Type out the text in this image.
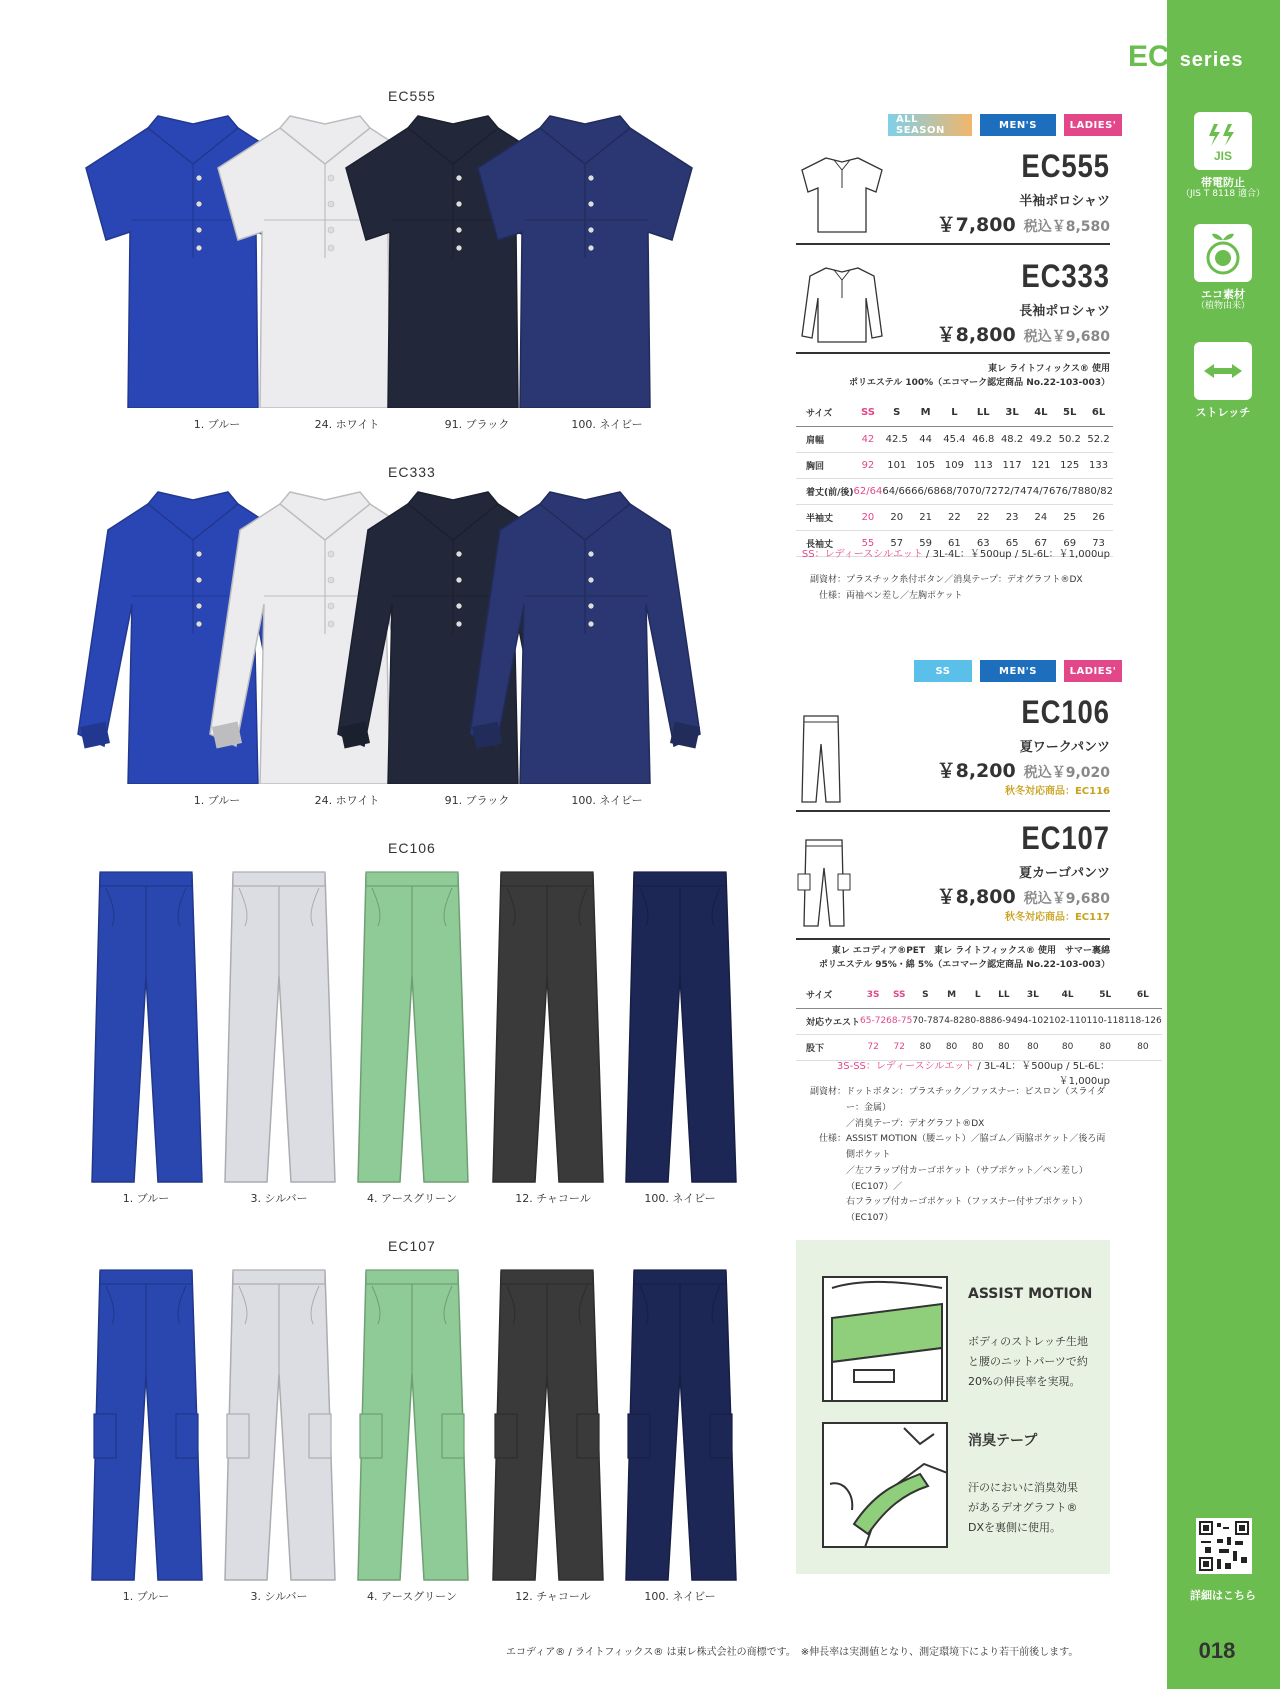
EC series
JIS
帯電防止
（JIS T 8118 適合）
エコ素材
（植物由来）
ストレッチ
詳細はこちら
018
EC555
EC333
EC106
EC107
1. ブルー	24. ホワイト	91. ブラック	100. ネイビー
1. ブルー	24. ホワイト	91. ブラック	100. ネイビー
1. ブルー	3. シルバー	4. アースグリーン	12. チャコール	100. ネイビー
1. ブルー	3. シルバー	4. アースグリーン	12. チャコール	100. ネイビー
ALL SEASON	MEN'S	LADIES'
EC555
半袖ポロシャツ
￥7,800 税込￥8,580
EC333
長袖ポロシャツ
￥8,800 税込￥9,680
東レ ライトフィックス® 使用
ポリエステル 100%（エコマーク認定商品 No.22-103-003）
サイズ	SS	S	M	L	LL	3L	4L	5L	6L
肩幅	42	42.5	44	45.4	46.8	48.2	49.2	50.2	52.2
胸回	92	101	105	109	113	117	121	125	133
着丈(前/後)	62/64	64/66	66/68	68/70	70/72	72/74	74/76	76/78	80/82
半袖丈	20	20	21	22	22	23	24	25	26
長袖丈	55	57	59	61	63	65	67	69	73
SS：レディースシルエット / 3L-4L：￥500up / 5L-6L：￥1,000up
副資材： プラスチック糸付ボタン／消臭テープ：デオグラフト®DX
仕様： 両袖ペン差し／左胸ポケット
SS	MEN'S	LADIES'
EC106
夏ワークパンツ
￥8,200 税込￥9,020
秋冬対応商品：EC116
EC107
夏カーゴパンツ
￥8,800 税込￥9,680
秋冬対応商品：EC117
東レ エコディア®PET　東レ ライトフィックス® 使用　サマー裏綿
ポリエステル 95%・綿 5%（エコマーク認定商品 No.22-103-003）
サイズ	3S	SS	S	M	L	LL	3L	4L	5L	6L
対応ウエスト	65-72	68-75	70-78	74-82	80-88	86-94	94-102	102-110	110-118	118-126
股下	72	72	80	80	80	80	80	80	80	80
3S-SS：レディースシルエット / 3L-4L：￥500up / 5L-6L：￥1,000up
副資材： ドットボタン：プラスチック／ファスナー：ビスロン（スライダー：金属）
／消臭テープ：デオグラフト®DX
仕様： ASSIST MOTION（腰ニット）／脇ゴム／両脇ポケット／後ろ両側ポケット
／左フラップ付カーゴポケット（サブポケット／ペン差し）（EC107）／
右フラップ付カーゴポケット（ファスナー付サブポケット）（EC107）
ASSIST MOTION
ボディのストレッチ生地
と腰のニットパーツで約
20%の伸長率を実現。
消臭テープ
汗のにおいに消臭効果
があるデオグラフト®
DXを裏側に使用。
エコディア® / ライトフィックス® は東レ株式会社の商標です。　※伸長率は実測値となり、測定環境下により若干前後します。
